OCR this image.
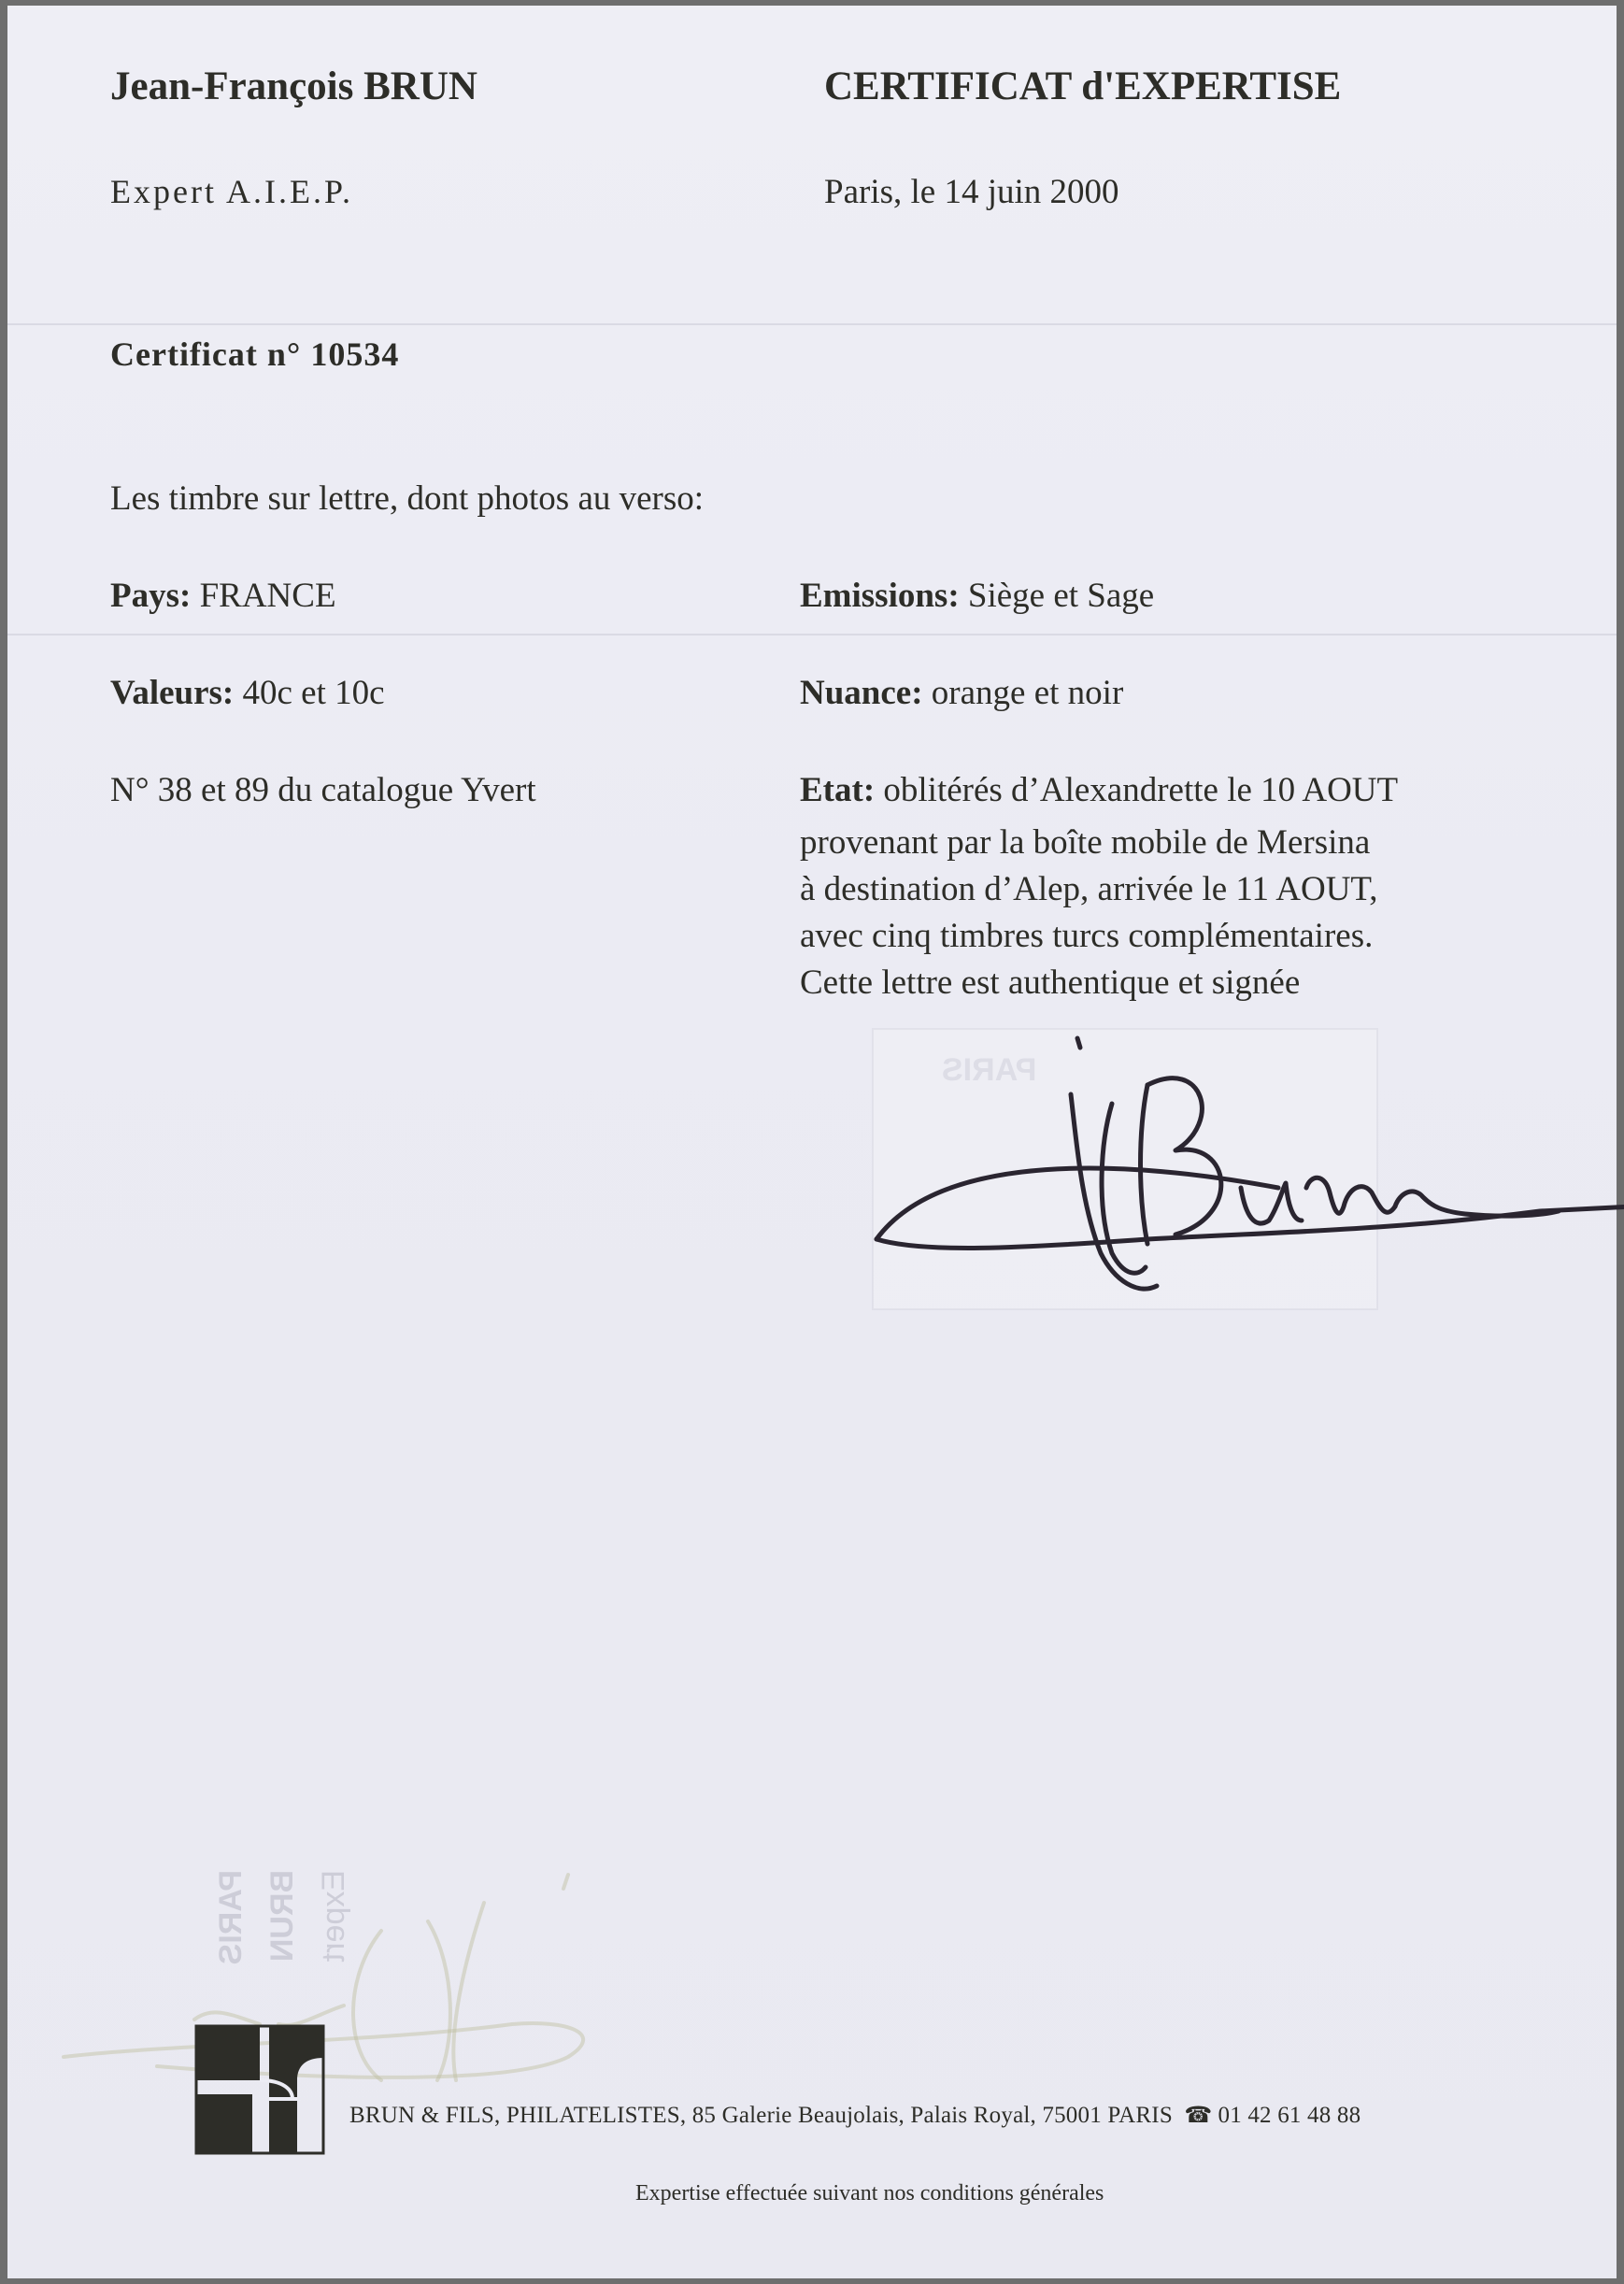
Jean-François BRUN	CERTIFICAT d'EXPERTISE
Expert A.I.E.P.	Paris, le 14 juin 2000
Certificat n° 10534
Les timbre sur lettre, dont photos au verso:
Pays: FRANCE	Emissions: Siège et Sage
Valeurs: 40c et 10c	Nuance: orange et noir
N° 38 et 89 du catalogue Yvert	Etat: oblitérés d’Alexandrette le 10 AOUT
provenant par la boîte mobile de Mersina
à destination d’Alep, arrivée le 11 AOUT,
avec cinq timbres turcs complémentaires.
Cette lettre est authentique et signée
PARIS BRUN Expert
BRUN & FILS, PHILATELISTES, 85 Galerie Beaujolais, Palais Royal, 75001 PARIS ☎ 01 42 61 48 88
Expertise effectuée suivant nos conditions générales
